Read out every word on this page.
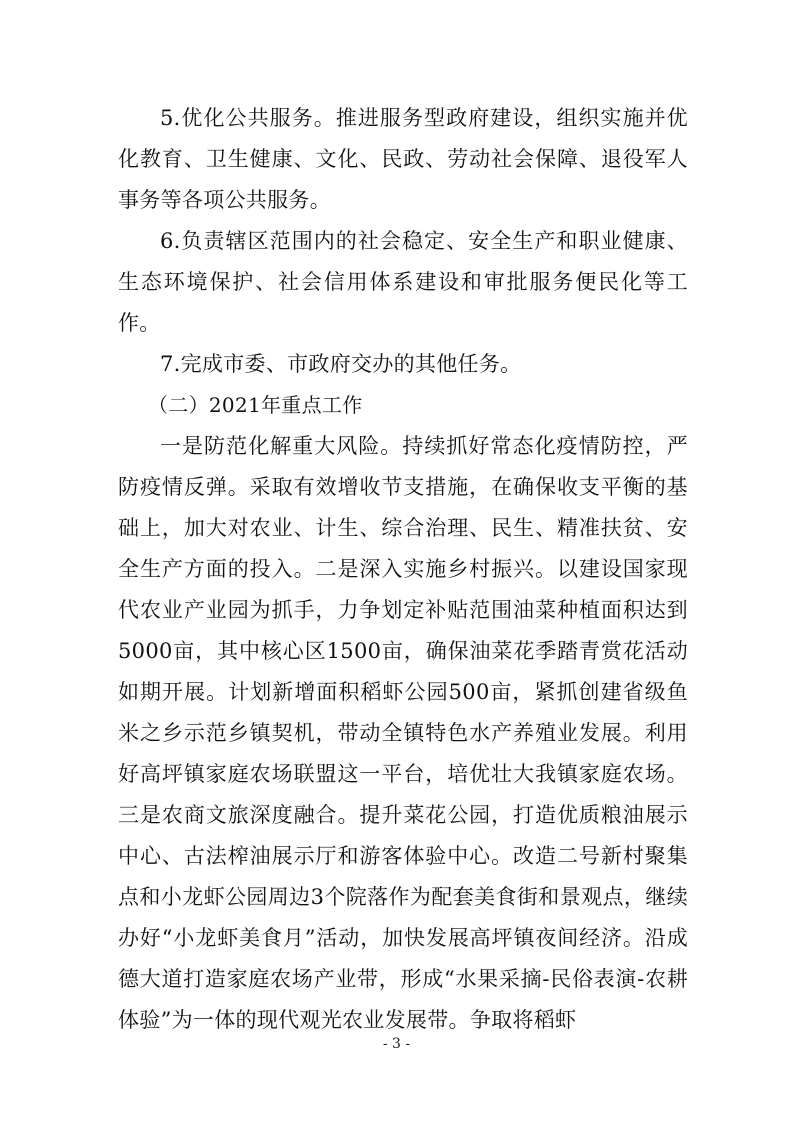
5.优化公共服务。推进服务型政府建设，组织实施并优化教育、卫生健康、文化、民政、劳动社会保障、退役军人事务等各项公共服务。

6.负责辖区范围内的社会稳定、安全生产和职业健康、生态环境保护、社会信用体系建设和审批服务便民化等工作。

7.完成市委、市政府交办的其他任务。

（二）2021年重点工作

一是防范化解重大风险。持续抓好常态化疫情防控，严防疫情反弹。采取有效增收节支措施，在确保收支平衡的基础上，加大对农业、计生、综合治理、民生、精准扶贫、安全生产方面的投入。二是深入实施乡村振兴。以建设国家现代农业产业园为抓手，力争划定补贴范围油菜种植面积达到5000亩，其中核心区1500亩，确保油菜花季踏青赏花活动如期开展。计划新增面积稻虾公园500亩，紧抓创建省级鱼米之乡示范乡镇契机，带动全镇特色水产养殖业发展。利用好高坪镇家庭农场联盟这一平台，培优壮大我镇家庭农场。三是农商文旅深度融合。提升菜花公园，打造优质粮油展示中心、古法榨油展示厅和游客体验中心。改造二号新村聚集点和小龙虾公园周边3个院落作为配套美食街和景观点，继续办好“小龙虾美食月”活动，加快发展高坪镇夜间经济。沿成德大道打造家庭农场产业带，形成“水果采摘-民俗表演-农耕体验”为一体的现代观光农业发展带。争取将稻虾

- 3 -
